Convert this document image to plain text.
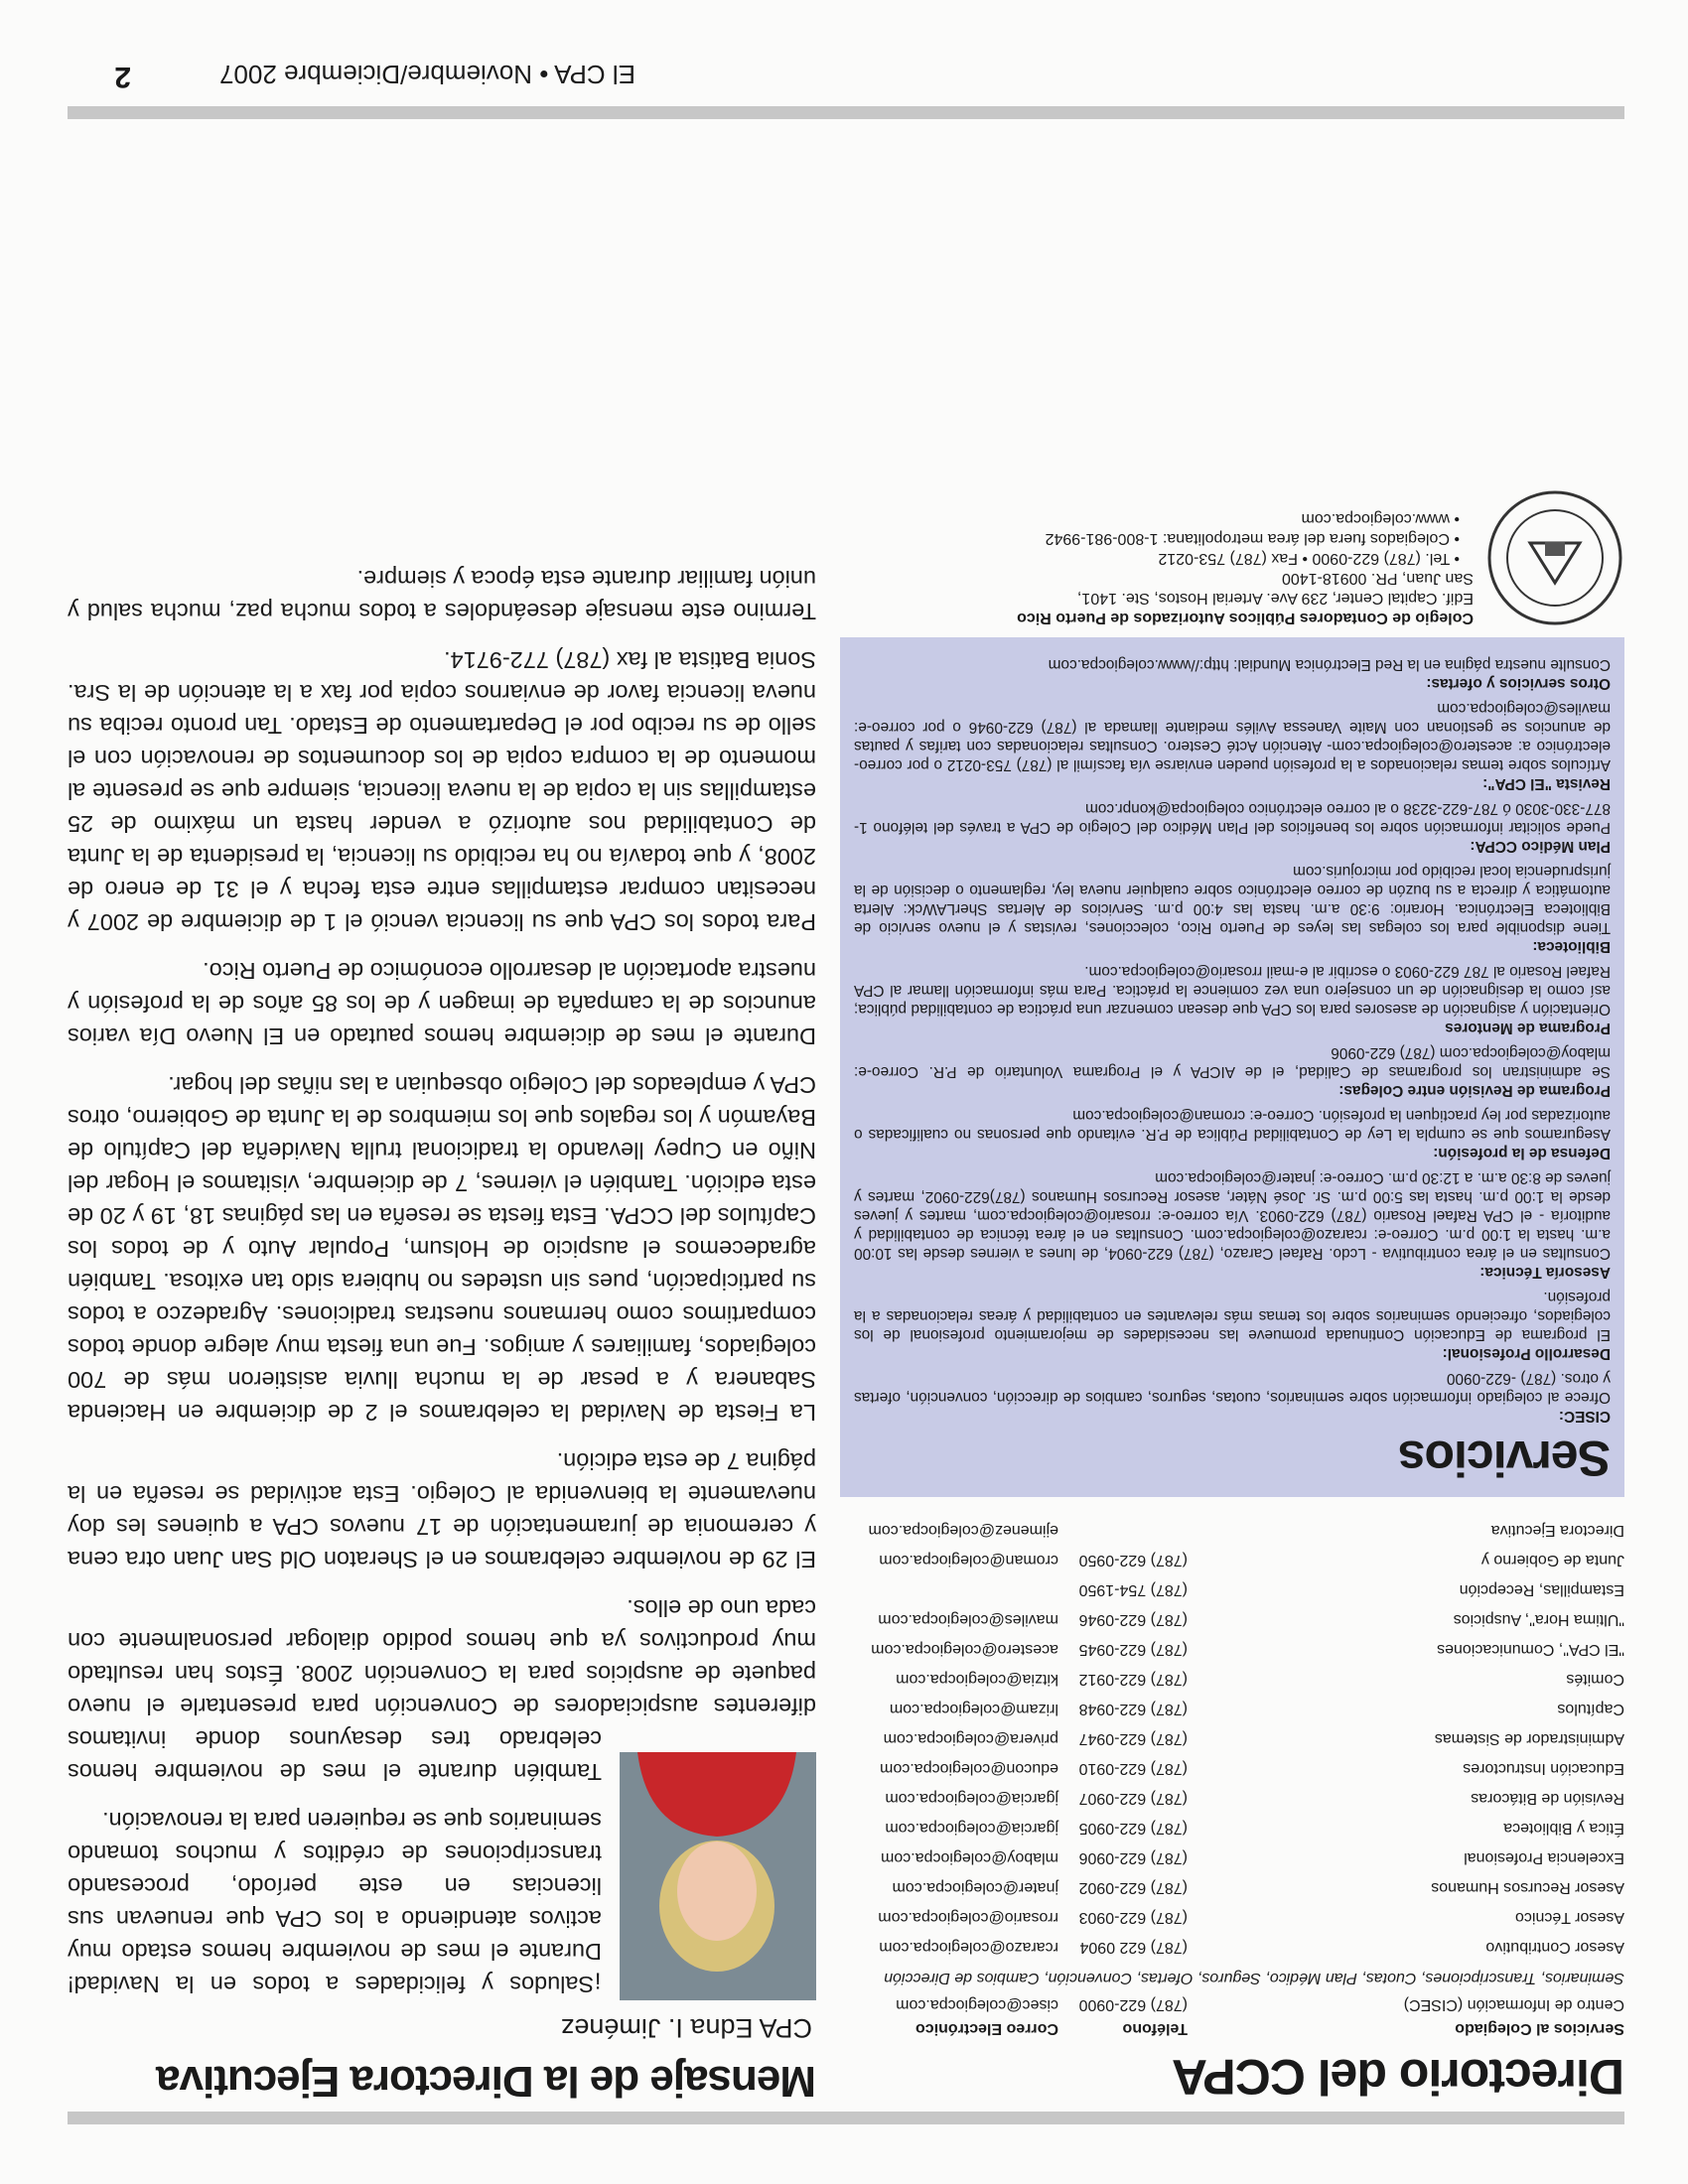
Directorio del CCPA
Servicios al Colegiado
Teléfono
Correo Electrónico
Centro de Información (CISEC)
(787) 622-0900
cisec@colegiocpa.com

Seminarios, Transcripciones, Cuotas, Plan Médico, Seguros, Ofertas, Convención, Cambios de Dirección

Asesor Contributivo
(787) 622 0904
rcarazo@colegiocpa.com
Asesor Técnico
(787) 622-0903
rrosario@colegiocpa.com
Asesor Recursos Humanos
(787) 622-0902
jnater@colegiocpa.com
Excelencia Profesional
(787) 622-0906
mlaboy@colegiocpa.com
Ética y Biblioteca
(787) 622-0905
jgarcia@colegiocpa.com
Revisión de Bitácoras
(787) 622-0907
jgarcia@colegiocpa.com
Educación Instructores
(787) 622-0910
educon@colegiocpa.com
Administrador de Sistemas
(787) 622-0947
privera@colegiocpa.com
Capítulos
(787) 622-0948
lrizam@colegiocpa.com
Comités
(787) 622-0912
kitzia@colegiocpa.com
"El CPA", Comunicaciones
(787) 622-0945
acestero@colegiocpa.com
"Ultima Hora", Auspicios
(787) 622-0946
maviles@colegiocpa.com
Estampillas, Recepción
(787) 754-1950
Junta de Gobierno y
(787) 622-0950
croman@colegiocpa.com
Directora Ejecutiva
ejimenez@colegiocpa.com
Servicios
CISEC:

Ofrece al colegiado información sobre seminarios, cuotas, seguros, cambios de dirección, convención, ofertas y otros. (787) -622-0900

Desarrollo Profesional:

El programa de Educación Continuada promueve las necesidades de mejoramiento profesional de los colegiados, ofreciendo seminarios sobre los temas más relevantes en contabilidad y áreas relacionadas a la profesión.

Asesoría Técnica:

Consultas en el área contributiva - Lcdo. Rafael Carazo, (787) 622-0904, de lunes a viernes desde las 10:00 a.m. hasta la 1:00 p.m. Correo-e: rcarazo@colegiocpa.com. Consultas en el área técnica de contabilidad y auditoría - el CPA Rafael Rosario (787) 622-0903. Vía correo-e: rrosario@colegiocpa.com, martes y jueves desde la 1:00 p.m. hasta las 5:00 p.m. Sr. José Náter, asesor Recursos Humanos (787)622-0902, martes y jueves de 8:30 a.m. a 12:30 p.m. Correo-e: jnater@colegiocpa.com

Defensa de la profesión:

Aseguramos que se cumpla la Ley de Contabilidad Pública de P.R. evitando que personas no cualificadas o autorizadas por ley practiquen la profesión. Correo-e: croman@colegiocpa.com

Programa de Revisión entre Colegas:

Se administran los programas de Calidad, el de AICPA y el Programa Voluntario de P.R. Correo-e: mlaboy@colegiocpa.com (787) 622-0906

Programa de Mentores

Orientación y asignación de asesores para los CPA que desean comenzar una práctica de contabilidad pública; así como la designación de un consejero una vez comience la práctica. Para más información llamar al CPA Rafael Rosario al 787 622-0903 o escribir al e-mail rrosario@colegiocpa.com.

Biblioteca:

Tiene disponible para los colegas las leyes de Puerto Rico, colecciones, revistas y el nuevo servicio de Biblioteca Electrónica. Horario: 9:30 a.m. hasta las 4:00 p.m. Servicios de Alertas SherLAWck: Alerta automática y directa a su buzón de correo electrónico sobre cualquier nueva ley, reglamento o decisión de la jurisprudencia local recibido por microjuris.com

Plan Médico CCPA:

Puede solicitar información sobre los beneficios del Plan Médico del Colegio de CPA a través del teléfono 1-877-330-3030 ó 787-622-3238 o al correo electrónico colegiocpa@konpr.com

Revista "El CPA":

Artículos sobre temas relacionados a la profesión pueden enviarse vía facsímil al (787) 753-0212 o por correo-electrónico a: acestero@colegiocpa.com- Atención Acté Cestero. Consultas relacionadas con tarifas y pautas de anuncios se gestionan con Maite Vanessa Avilés mediante llamada al (787) 622-0946 o por correo-e: maviles@colegiocpa.com

Otros servicios y ofertas:

Consulte nuestra página en la Red Electrónica Mundial: http://www.colegiocpa.com

Colegio de Contadores Públicos Autorizados de Puerto Rico
Edif. Capital Center, 239 Ave. Arterial Hostos, Ste. 1401,
San Juan, PR. 00918-1400
• Tel. (787) 622-0900 • Fax (787) 753-0212
• Colegiados fuera del área metropolitana: 1-800-981-9942
• www.colegiocpa.com
Mensaje de la Directora Ejecutiva
CPA Edna I. Jiménez

¡Saludos y felicidades a todos en la Navidad! Durante el mes de noviembre hemos estado muy activos atendiendo a los CPA que renuevan sus licencias en este período, procesando transcripciones de créditos y muchos tomando seminarios que se requieren para la renovación.

También durante el mes de noviembre hemos celebrado tres desayunos donde invitamos diferentes auspiciadores de Convención para presentarle el nuevo paquete de auspicios para la Convención 2008. Éstos han resultado muy productivos ya que hemos podido dialogar personalmente con cada uno de ellos.

El 29 de noviembre celebramos en el Sheraton Old San Juan otra cena y ceremonia de juramentación de 17 nuevos CPA a quienes les doy nuevamente la bienvenida al Colegio. Esta actividad se reseña en la página 7 de esta edición.

La Fiesta de Navidad la celebramos el 2 de diciembre en Hacienda Sabanera y a pesar de la mucha lluvia asistieron más de 700 colegiados, familiares y amigos. Fue una fiesta muy alegre donde todos compartimos como hermanos nuestras tradiciones. Agradezco a todos su participación, pues sin ustedes no hubiera sido tan exitosa. También agradecemos el auspicio de Holsum, Popular Auto y de todos los Capítulos del CCPA. Esta fiesta se reseña en las páginas 18, 19 y 20 de esta edición. También el viernes, 7 de diciembre, visitamos el Hogar del Niño en Cupey llevando la tradicional trulla Navideña del Capítulo de Bayamón y los regalos que los miembros de la Junta de Gobierno, otros CPA y empleados del Colegio obsequian a las niñas del hogar.

Durante el mes de diciembre hemos pautado en El Nuevo Día varios anuncios de la campaña de imagen y de los 85 años de la profesión y nuestra aportación al desarrollo económico de Puerto Rico.

Para todos los CPA que su licencia venció el 1 de diciembre de 2007 y necesitan comprar estampillas entre esta fecha y el 31 de enero de 2008, y que todavía no ha recibido su licencia, la presidenta de la Junta de Contabilidad nos autorizó a vender hasta un máximo de 25 estampillas sin la copia de la nueva licencia, siempre que se presente al momento de la compra copia de los documentos de renovación con el sello de su recibo por el Departamento de Estado. Tan pronto reciba su nueva licencia favor de enviarnos copia por fax a la atención de la Sra. Sonia Batista al fax (787) 772-9714.

Termino este mensaje deseándoles a todos mucha paz, mucha salud y unión familiar durante esta época y siempre.

El CPA • Noviembre/Diciembre 2007
2
